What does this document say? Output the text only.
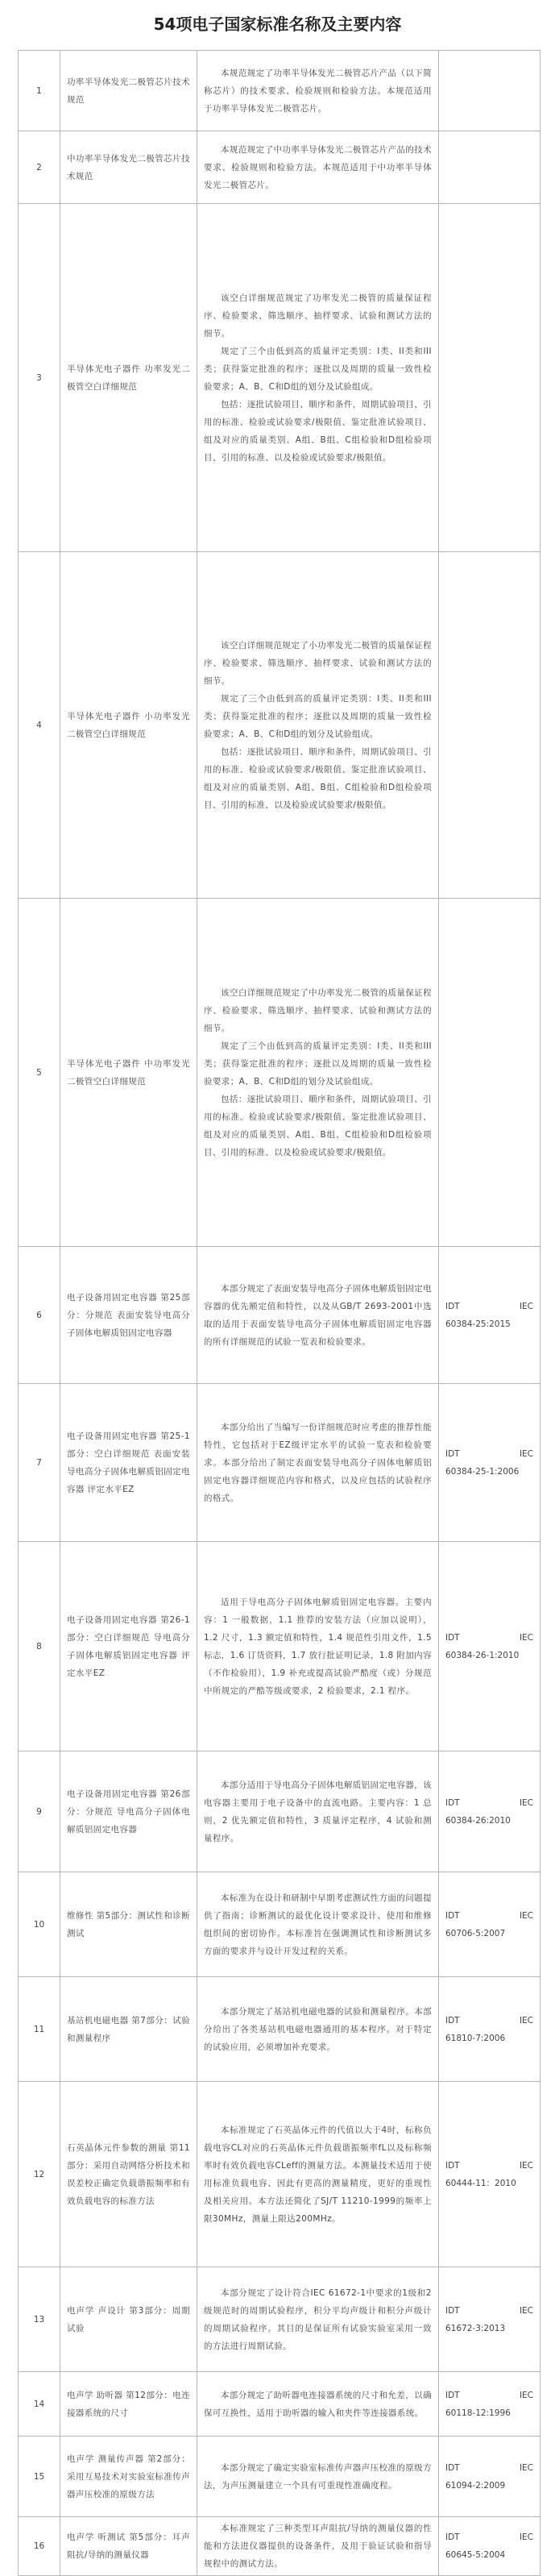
54项电子国家标准名称及主要内容
1	功率半导体发光二极管芯片技术规范	本规范规定了功率半导体发光二极管芯片产品（以下简称芯片）的技术要求、检验规则和检验方法。本规范适用于功率半导体发光二极管芯片。	

2	中功率半导体发光二极管芯片技术规范	本规范规定了中功率半导体发光二极管芯片产品的技术要求、检验规则和检验方法。本规范适用于中功率半导体发光二极管芯片。	

3	半导体光电子器件 功率发光二极管空白详细规范	该空白详细规范规定了功率发光二极管的质量保证程序、检验要求、筛选顺序、抽样要求、试验和测试方法的细节。
规定了三个由低到高的质量评定类别：I类、II类和III类；获得鉴定批准的程序；逐批以及周期的质量一致性检验要求；A、B、C和D组的划分及试验组成。
包括：逐批试验项目、顺序和条件，周期试验项目、引用的标准、检验或试验要求/极限值、鉴定批准试验项目、组及对应的质量类别、A组、B组、C组检验和D组检验项目、引用的标准、以及检验或试验要求/极限值。	

4	半导体光电子器件 小功率发光二极管空白详细规范	该空白详细规范规定了小功率发光二极管的质量保证程序、检验要求、筛选顺序、抽样要求、试验和测试方法的细节。
规定了三个由低到高的质量评定类别：I类、II类和III类；获得鉴定批准的程序；逐批以及周期的质量一致性检验要求；A、B、C和D组的划分及试验组成。
包括：逐批试验项目、顺序和条件，周期试验项目、引用的标准、检验或试验要求/极限值、鉴定批准试验项目、组及对应的质量类别、A组、B组、C组检验和D组检验项目、引用的标准、以及检验或试验要求/极限值。	

5	半导体光电子器件 中功率发光二极管空白详细规范	该空白详细规范规定了中功率发光二极管的质量保证程序、检验要求、筛选顺序、抽样要求、试验和测试方法的细节。
规定了三个由低到高的质量评定类别：I类、II类和III类；获得鉴定批准的程序；逐批以及周期的质量一致性检验要求；A、B、C和D组的划分及试验组成。
包括：逐批试验项目、顺序和条件，周期试验项目、引用的标准、检验或试验要求/极限值、鉴定批准试验项目、组及对应的质量类别、A组、B组、C组检验和D组检验项目、引用的标准、以及检验或试验要求/极限值。	

6	电子设备用固定电容器 第25部分：分规范 表面安装导电高分子固体电解质铝固定电容器	本部分规定了表面安装导电高分子固体电解质铝固定电容器的优先额定值和特性，以及从GB/T 2693-2001中选取的适用于表面安装导电高分子固体电解质铝固定电容器的所有详细规范的试验一览表和检验要求。	IDT IEC
60384-25:2015

7	电子设备用固定电容器 第25-1部分：空白详细规范 表面安装导电高分子固体电解质铝固定电容器 评定水平EZ	本部分给出了当编写一份详细规范时应考虑的推荐性能特性，它包括对于EZ级评定水平的试验一览表和检验要求。本部分给出了制定表面安装导电高分子固体电解质铝固定电容器详细规范内容和格式，以及应包括的试验程序的格式。	IDT IEC
60384-25-1:2006

8	电子设备用固定电容器 第26-1部分：空白详细规范 导电高分子固体电解质铝固定电容器 评定水平EZ	适用于导电高分子固体电解质铝固定电容器。主要内容：1 一般数据，1.1 推荐的安装方法（应加以说明），1.2 尺寸，1.3 额定值和特性，1.4 规范性引用文件，1.5 标志，1.6 订货资料，1.7 放行批证明记录，1.8 附加内容（不作检验用），1.9 补充或提高试验严酷度（或）分规范中所规定的严酷等级或要求，2 检验要求，2.1 程序。	IDT IEC
60384-26-1:2010

9	电子设备用固定电容器 第26部分：分规范 导电高分子固体电解质铝固定电容器	本部分适用于导电高分子固体电解质铝固定电容器，该电容器主要用于电子设备中的直流电路。主要内容：1 总则，2 优先额定值和特性，3 质量评定程序，4 试验和测量程序。	IDT IEC
60384-26:2010

10	维修性 第5部分：测试性和诊断测试	本标准为在设计和研制中早期考虑测试性方面的问题提供了指南；诊断测试的最优化设计要求设计、使用和维修组织间的密切协作。本标准旨在强调测试性和诊断测试多方面的要求并与设计开发过程的关系。	IDT IEC
60706-5:2007

11	基站机电磁电器 第7部分：试验和测量程序	本部分规定了基站机电磁电器的试验和测量程序。本部分给出了各类基站机电磁电器通用的基本程序。对于特定的试验应用，必须增加补充要求。	IDT IEC
61810-7:2006

12	石英晶体元件参数的测量 第11部分：采用自动网络分析技术和误差校正确定负载谐振频率和有效负载电容的标准方法	本标准规定了石英晶体元件的代值以大于4时，标称负载电容CL对应的石英晶体元件负载谐振频率fL以及标称频率时有效负载电容CLeff的测量方法。本测量技术适用于使用标准负载电容、因此有更高的测量精度，更好的重现性及相关应用。本方法还简化了SJ/T 11210-1999的频率上限30MHz，测量上限达200MHz。	IDT IEC
60444-11：2010

13	电声学 声设计 第3部分：周期试验	本部分规定了设计符合IEC 61672-1中要求的1级和2级规范时的周期试验程序，积分平均声级计和积分声级计的周期试验程序。其目的是保证所有试验实验室采用一致的方法进行周期试验。	IDT IEC
61672-3:2013

14	电声学 助听器 第12部分：电连接器系统的尺寸	本部分规定了助听器电连接器系统的尺寸和允差，以确保可互换性，适用于助听器的输入和夹件等连接器系统。	IDT IEC
60118-12:1996

15	电声学 测量传声器 第2部分：采用互易技术对实验室标准传声器声压校准的原级方法	本部分规定了确定实验室标准传声器声压校准的原级方法，为声压测量建立一个具有可重现性准确度程。	IDT IEC
61094-2:2009

16	电声学 听测试 第5部分：耳声阻抗/导纳的测量仪器	本标准规定了三种类型耳声阻抗/导纳的测量仪器的性能和方法进仪器提供的设备条件，及用于验证试验和指导规程中的测试方法。	IDT IEC
60645-5:2004
